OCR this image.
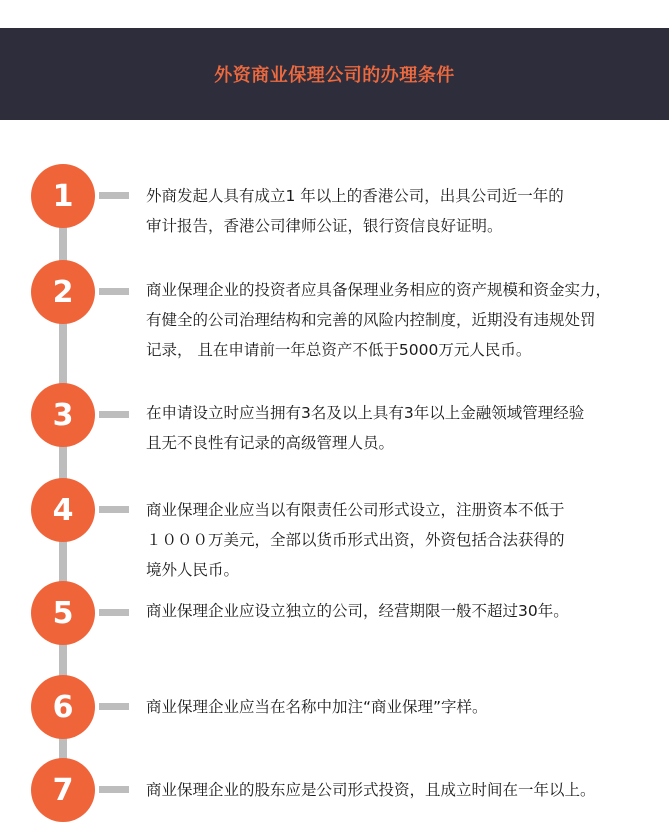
外资商业保理公司的办理条件
1	外商发起人具有成立1 年以上的香港公司，出具公司近一年的
审计报告，香港公司律师公证，银行资信良好证明。
2	商业保理企业的投资者应具备保理业务相应的资产规模和资金实力，
有健全的公司治理结构和完善的风险内控制度，近期没有违规处罚
记录， 且在申请前一年总资产不低于5000万元人民币。
3	在申请设立时应当拥有3名及以上具有3年以上金融领域管理经验
且无不良性有记录的高级管理人员。
4	商业保理企业应当以有限责任公司形式设立，注册资本不低于
１０００万美元，全部以货币形式出资，外资包括合法获得的
境外人民币。
5	商业保理企业应设立独立的公司，经营期限一般不超过30年。
6	商业保理企业应当在名称中加注“商业保理”字样。
7	商业保理企业的股东应是公司形式投资，且成立时间在一年以上。
